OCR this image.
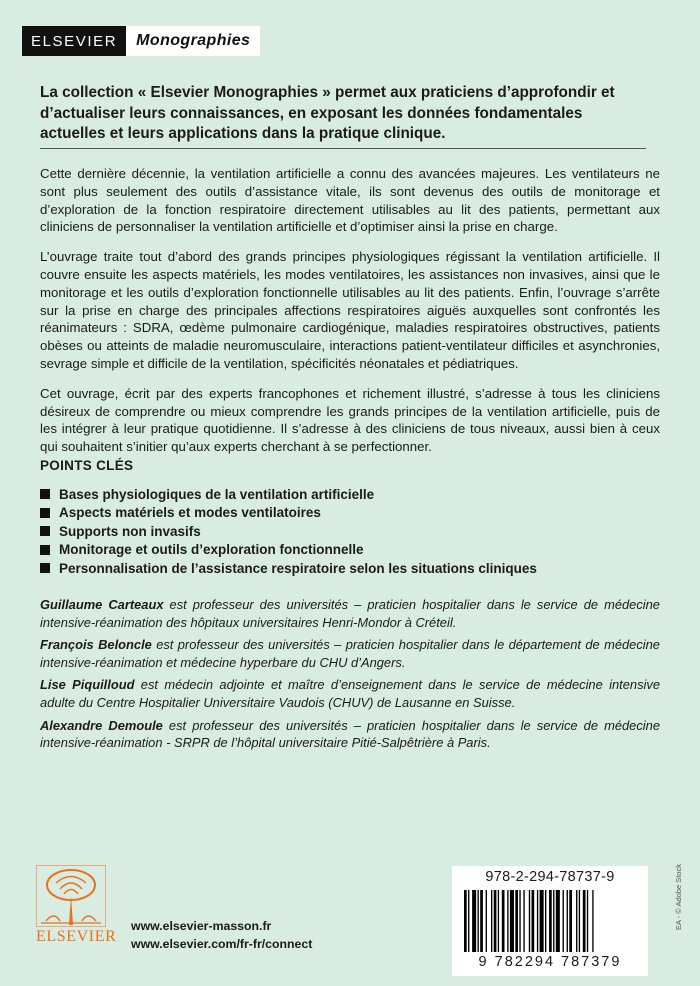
ELSEVIER	Monographies
La collection « Elsevier Monographies » permet aux praticiens d’approfondir et d’actualiser leurs connaissances, en exposant les données fondamentales actuelles et leurs applications dans la pratique clinique.

Cette dernière décennie, la ventilation artificielle a connu des avancées majeures. Les ventilateurs ne sont plus seulement des outils d’assistance vitale, ils sont devenus des outils de monitorage et d’exploration de la fonction respiratoire directement utilisables au lit des patients, permettant aux cliniciens de personnaliser la ventilation artificielle et d’optimiser ainsi la prise en charge.

L’ouvrage traite tout d’abord des grands principes physiologiques régissant la ventilation artificielle. Il couvre ensuite les aspects matériels, les modes ventilatoires, les assistances non invasives, ainsi que le monitorage et les outils d’exploration fonctionnelle utilisables au lit des patients. Enfin, l’ouvrage s’arrête sur la prise en charge des principales affections respiratoires aiguës auxquelles sont confrontés les réanimateurs : SDRA, œdème pulmonaire cardiogénique, maladies respiratoires obstructives, patients obèses ou atteints de maladie neuromusculaire, interactions patient-ventilateur difficiles et asynchronies, sevrage simple et difficile de la ventilation, spécificités néonatales et pédiatriques.

Cet ouvrage, écrit par des experts francophones et richement illustré, s’adresse à tous les cliniciens désireux de comprendre ou mieux comprendre les grands principes de la ventilation artificielle, puis de les intégrer à leur pratique quotidienne. Il s’adresse à des cliniciens de tous niveaux, aussi bien à ceux qui souhaitent s’initier qu’aux experts cherchant à se perfectionner.

POINTS CLÉS
Bases physiologiques de la ventilation artificielle
Aspects matériels et modes ventilatoires
Supports non invasifs
Monitorage et outils d’exploration fonctionnelle
Personnalisation de l’assistance respiratoire selon les situations cliniques

Guillaume Carteaux est professeur des universités – praticien hospitalier dans le service de médecine intensive-réanimation des hôpitaux universitaires Henri-Mondor à Créteil.

François Beloncle est professeur des universités – praticien hospitalier dans le département de médecine intensive-réanimation et médecine hyperbare du CHU d’Angers.

Lise Piquilloud est médecin adjointe et maître d’enseignement dans le service de médecine intensive adulte du Centre Hospitalier Universitaire Vaudois (CHUV) de Lausanne en Suisse.

Alexandre Demoule est professeur des universités – praticien hospitalier dans le service de médecine intensive-réanimation - SRPR de l’hôpital universitaire Pitié-Salpêtrière à Paris.

ELSEVIER
www.elsevier-masson.fr
www.elsevier.com/fr-fr/connect
978-2-294-78737-9
9 782294 787379
EA - © Adobe Stock
